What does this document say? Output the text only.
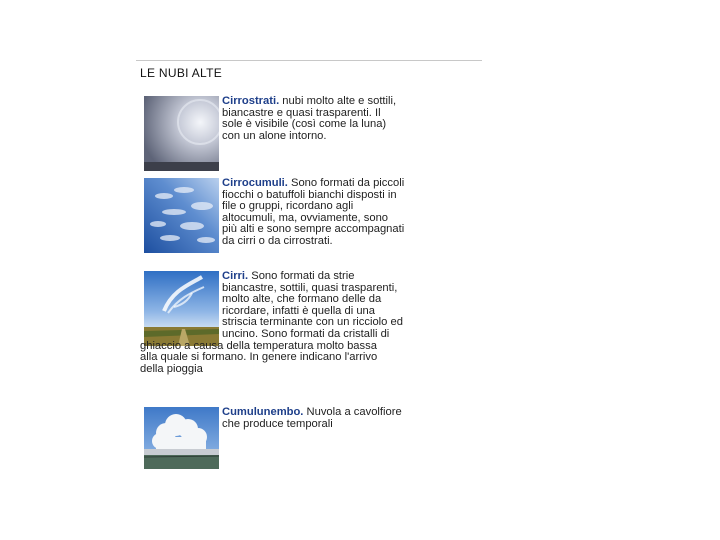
LE NUBI ALTE
Cirrostrati. nubi molto alte e sottili,
biancastre e quasi trasparenti. Il
sole è visibile (così come la luna)
con un alone intorno.
Cirrocumuli. Sono formati da piccoli
fiocchi o batuffoli bianchi disposti in
file o gruppi, ricordano agli
altocumuli, ma, ovviamente, sono
più alti e sono sempre accompagnati
da cirri o da cirrostrati.
Cirri. Sono formati da strie
biancastre, sottili, quasi trasparenti,
molto alte, che formano delle da
ricordare, infatti è quella di una
striscia terminante con un ricciolo ed
uncino. Sono formati da cristalli di
ghiaccio a causa della temperatura molto bassa
alla quale si formano. In genere indicano l'arrivo
della pioggia
Cumulunembo. Nuvola a cavolfiore
che produce temporali
